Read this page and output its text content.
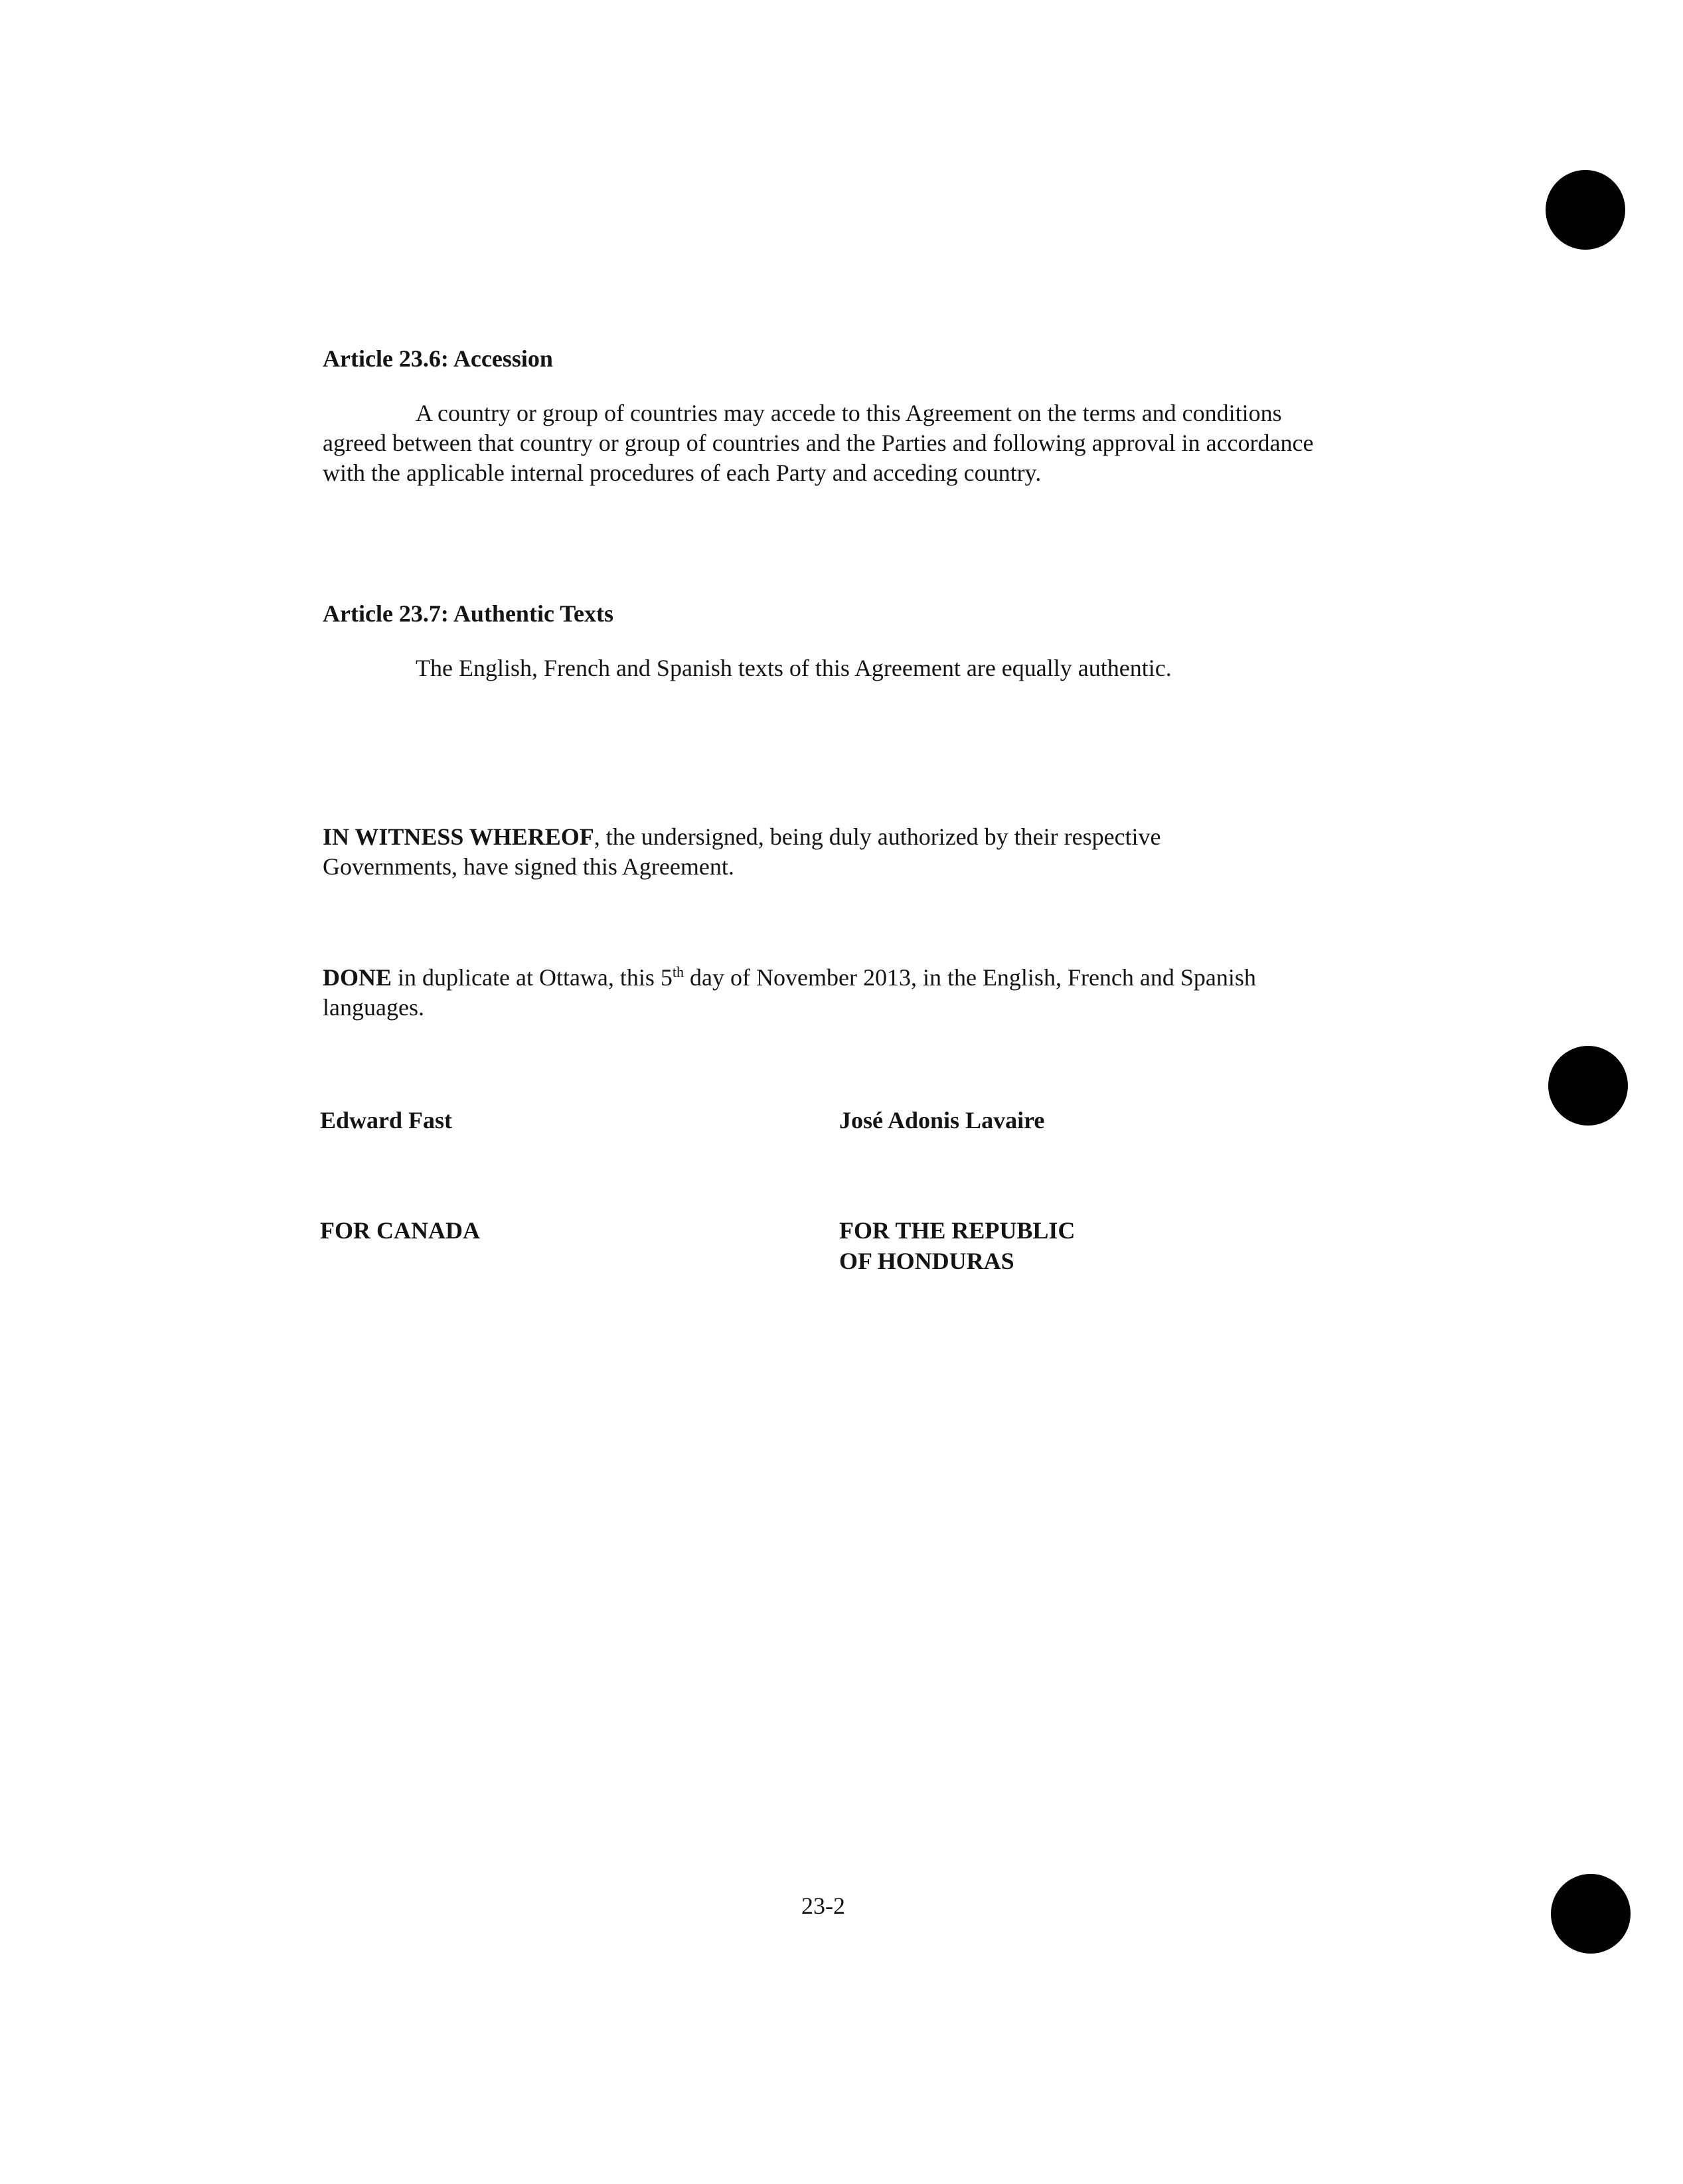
Article 23.6: Accession
A country or group of countries may accede to this Agreement on the terms and conditions agreed between that country or group of countries and the Parties and following approval in accordance with the applicable internal procedures of each Party and acceding country.
Article 23.7: Authentic Texts
The English, French and Spanish texts of this Agreement are equally authentic.
IN WITNESS WHEREOF, the undersigned, being duly authorized by their respective Governments, have signed this Agreement.
DONE in duplicate at Ottawa, this 5th day of November 2013, in the English, French and Spanish languages.
Edward Fast	José Adonis Lavaire
FOR CANADA	FOR THE REPUBLIC
OF HONDURAS
23-2
